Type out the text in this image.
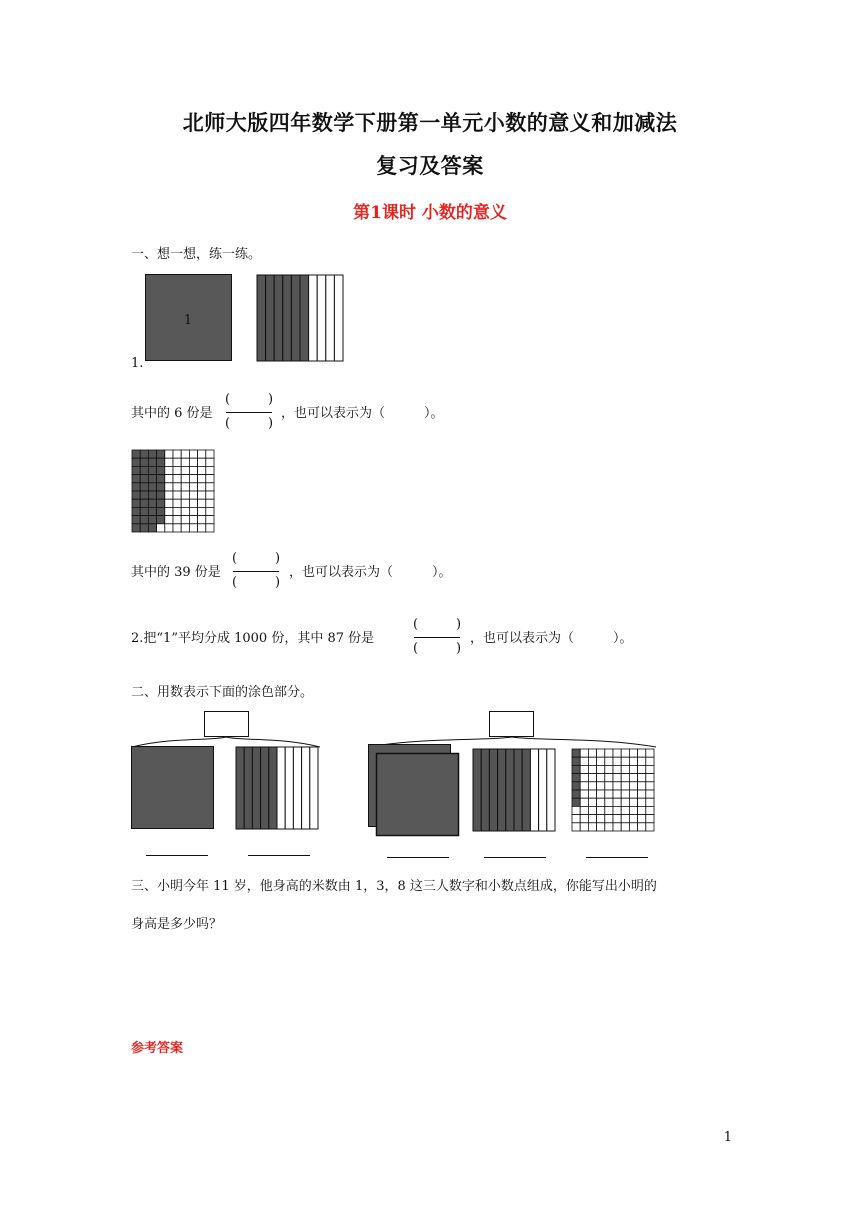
北师大版四年数学下册第一单元小数的意义和加减法
复习及答案
第1课时 小数的意义
一、想一想，练一练。
1
1.
其中的 6 份是
(	)
(	)
，也可以表示为（　　　）。
其中的 39 份是
(	)
(	)
，也可以表示为（　　　）。
2.把“1”平均分成 1000 份，其中 87 份是
(	)
(	)
，也可以表示为（　　　）。
二、用数表示下面的涂色部分。
三、小明今年 11 岁，他身高的米数由 1，3，8 这三人数字和小数点组成，你能写出小明的
身高是多少吗？
参考答案
1
